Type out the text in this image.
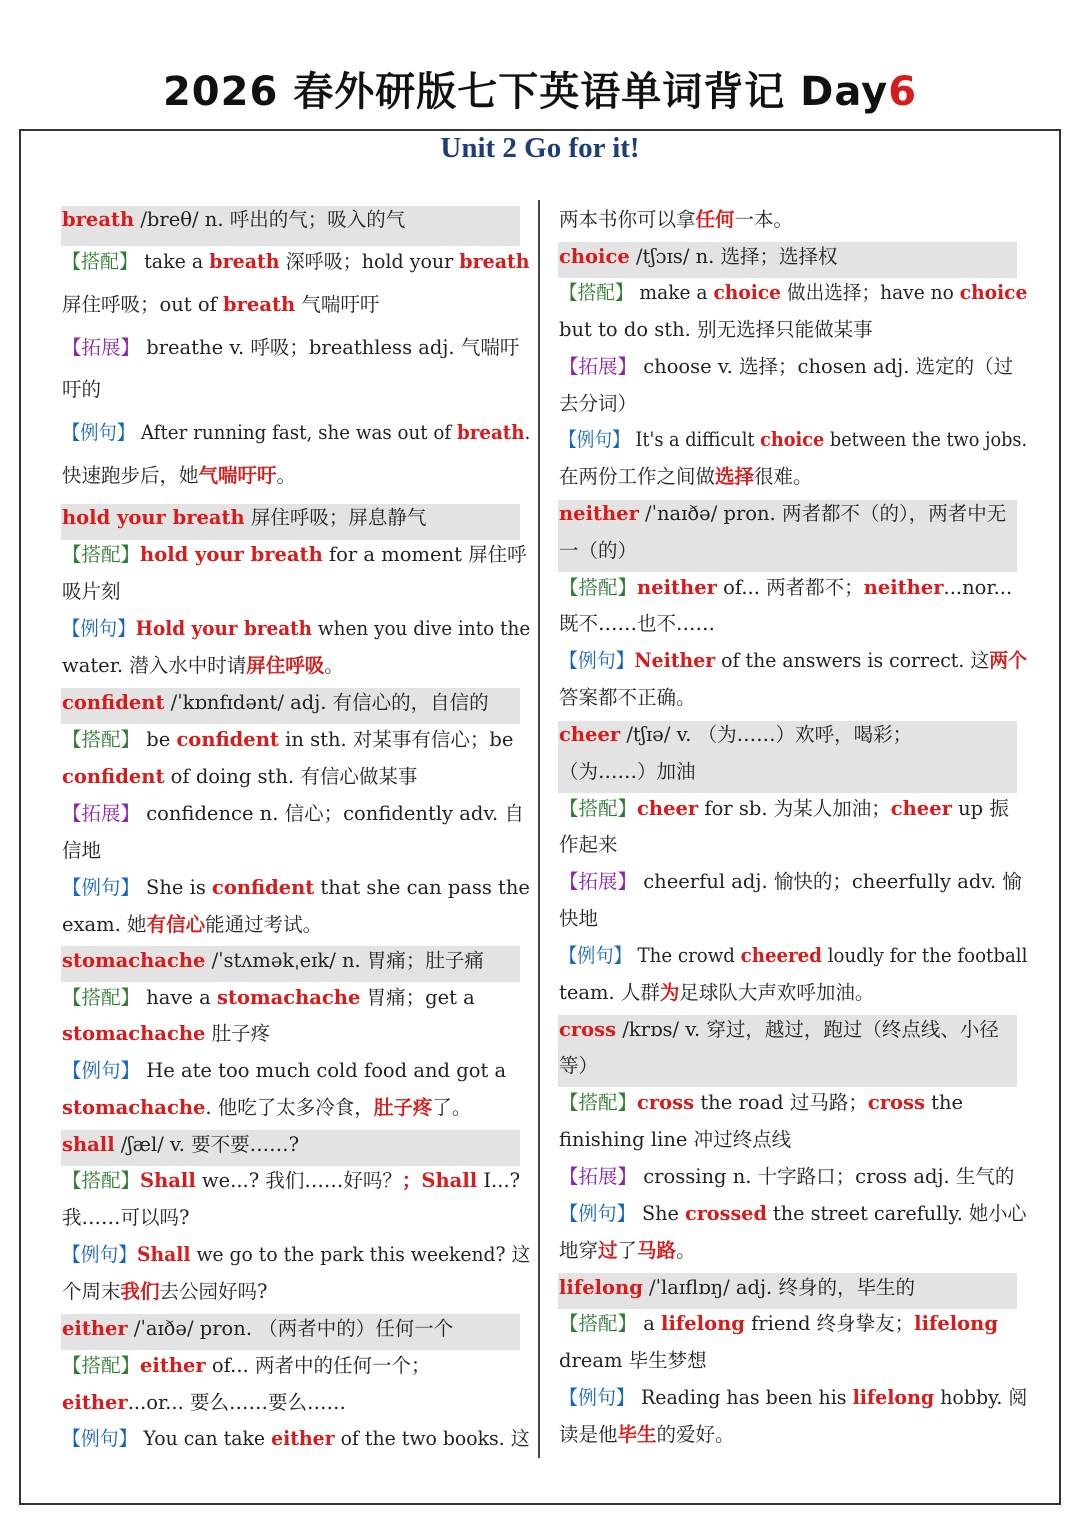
2026 春外研版七下英语单词背记 Day6
Unit 2 Go for it!
breath /breθ/ n. 呼出的气；吸入的气
【搭配】 take a breath 深呼吸；hold your breath
屏住呼吸；out of breath 气喘吁吁
【拓展】 breathe v. 呼吸；breathless adj. 气喘吁
吁的
【例句】 After running fast, she was out of breath.
快速跑步后，她气喘吁吁。
hold your breath 屏住呼吸；屏息静气
【搭配】hold your breath for a moment 屏住呼
吸片刻
【例句】Hold your breath when you dive into the
water. 潜入水中时请屏住呼吸。
confident /ˈkɒnfɪdənt/ adj. 有信心的，自信的
【搭配】 be confident in sth. 对某事有信心；be
confident of doing sth. 有信心做某事
【拓展】 confidence n. 信心；confidently adv. 自
信地
【例句】 She is confident that she can pass the
exam. 她有信心能通过考试。
stomachache /ˈstʌməkˌeɪk/ n. 胃痛；肚子痛
【搭配】 have a stomachache 胃痛；get a
stomachache 肚子疼
【例句】 He ate too much cold food and got a
stomachache. 他吃了太多冷食，肚子疼了。
shall /ʃæl/ v. 要不要……?
【搭配】Shall we...? 我们……好吗？；Shall I...?
我……可以吗?
【例句】Shall we go to the park this weekend? 这
个周末我们去公园好吗?
either /ˈaɪðə/ pron. （两者中的）任何一个
【搭配】either of... 两者中的任何一个；
either...or... 要么……要么……
【例句】 You can take either of the two books. 这
两本书你可以拿任何一本。
choice /tʃɔɪs/ n. 选择；选择权
【搭配】 make a choice 做出选择；have no choice
but to do sth. 别无选择只能做某事
【拓展】 choose v. 选择；chosen adj. 选定的（过
去分词）
【例句】 It's a difficult choice between the two jobs.
在两份工作之间做选择很难。
neither /ˈnaɪðə/ pron. 两者都不（的），两者中无
一（的）
【搭配】neither of... 两者都不；neither...nor...
既不……也不……
【例句】Neither of the answers is correct. 这两个
答案都不正确。
cheer /tʃɪə/ v. （为……）欢呼，喝彩；
（为……）加油
【搭配】cheer for sb. 为某人加油；cheer up 振
作起来
【拓展】 cheerful adj. 愉快的；cheerfully adv. 愉
快地
【例句】 The crowd cheered loudly for the football
team. 人群为足球队大声欢呼加油。
cross /krɒs/ v. 穿过，越过，跑过（终点线、小径
等）
【搭配】cross the road 过马路；cross the
finishing line 冲过终点线
【拓展】 crossing n. 十字路口；cross adj. 生气的
【例句】 She crossed the street carefully. 她小心
地穿过了马路。
lifelong /ˈlaɪflɒŋ/ adj. 终身的，毕生的
【搭配】 a lifelong friend 终身挚友；lifelong
dream 毕生梦想
【例句】 Reading has been his lifelong hobby. 阅
读是他毕生的爱好。
